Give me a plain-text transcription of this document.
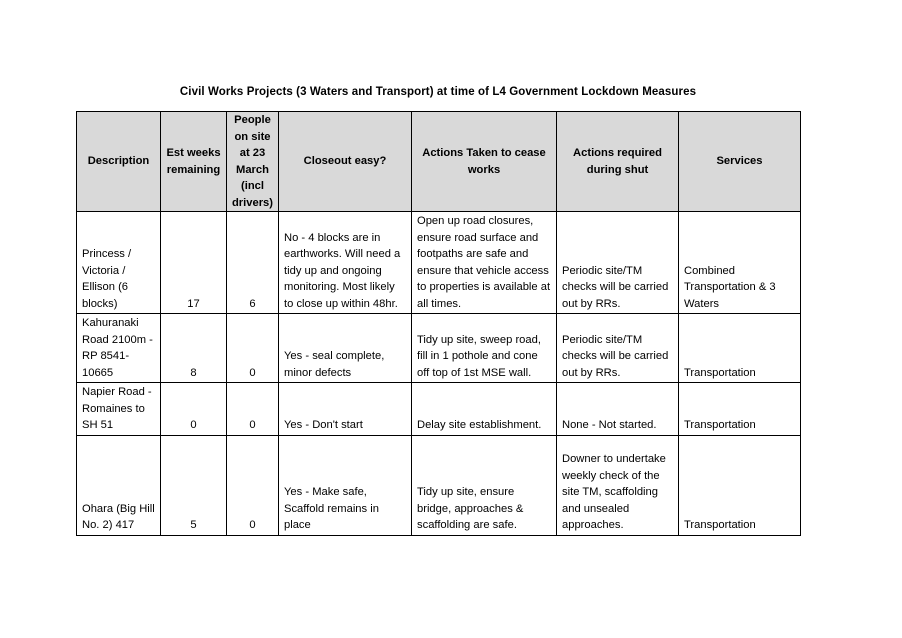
Civil Works Projects (3 Waters and Transport) at time of L4 Government Lockdown Measures
Description	Est weeks remaining	People on site at 23 March (incl drivers)	Closeout easy?	Actions Taken to cease works	Actions required during shut	Services
Princess / Victoria / Ellison (6 blocks)	17	6	No - 4 blocks are in earthworks. Will need a tidy up and ongoing monitoring. Most likely to close up within 48hr.	Open up road closures, ensure road surface and footpaths are safe and ensure that vehicle access to properties is available at all times.	Periodic site/TM checks will be carried out by RRs.	Combined Transportation & 3 Waters
Kahuranaki Road 2100m - RP 8541-10665	8	0	Yes - seal complete, minor defects	Tidy up site, sweep road, fill in 1 pothole and cone off top of 1st MSE wall.	Periodic site/TM checks will be carried out by RRs.	Transportation
Napier Road - Romaines to SH 51	0	0	Yes - Don't start	Delay site establishment.	None - Not started.	Transportation
Ohara (Big Hill No. 2) 417	5	0	Yes - Make safe, Scaffold remains in place	Tidy up site, ensure bridge, approaches & scaffolding are safe.	Downer to undertake weekly check of the site TM, scaffolding and unsealed approaches.	Transportation
